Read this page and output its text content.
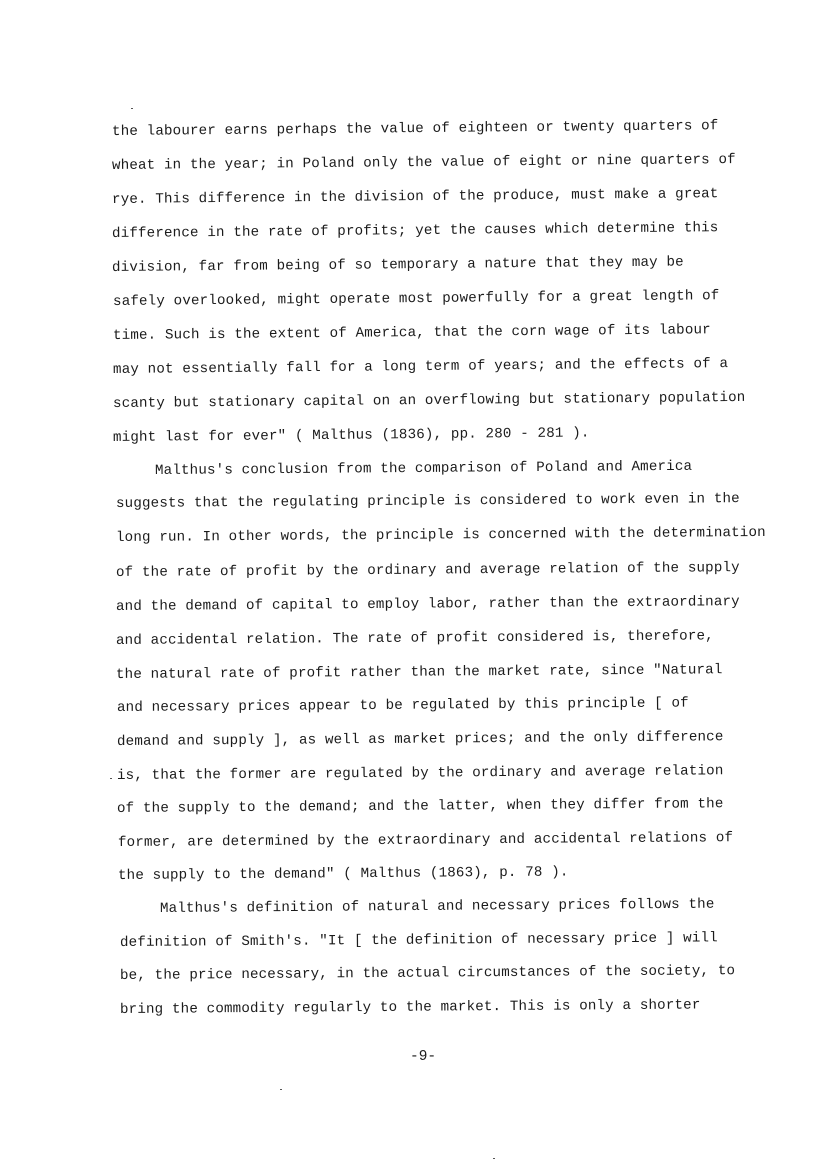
the labourer earns perhaps the value of eighteen or twenty quarters of
wheat in the year; in Poland only the value of eight or nine quarters of
rye. This difference in the division of the produce, must make a great
difference in the rate of profits; yet the causes which determine this
division, far from being of so temporary a nature that they may be
safely overlooked, might operate most powerfully for a great length of
time. Such is the extent of America, that the corn wage of its labour
may not essentially fall for a long term of years; and the effects of a
scanty but stationary capital on an overflowing but stationary population
might last for ever" ( Malthus (1836), pp. 280 - 281 ).
Malthus's conclusion from the comparison of Poland and America
suggests that the regulating principle is considered to work even in the
long run. In other words, the principle is concerned with the determination
of the rate of profit by the ordinary and average relation of the supply
and the demand of capital to employ labor, rather than the extraordinary
and accidental relation. The rate of profit considered is, therefore,
the natural rate of profit rather than the market rate, since "Natural
and necessary prices appear to be regulated by this principle [ of
demand and supply ], as well as market prices; and the only difference
is, that the former are regulated by the ordinary and average relation
of the supply to the demand; and the latter, when they differ from the
former, are determined by the extraordinary and accidental relations of
the supply to the demand" ( Malthus (1863), p. 78 ).
Malthus's definition of natural and necessary prices follows the
definition of Smith's. "It [ the definition of necessary price ] will
be, the price necessary, in the actual circumstances of the society, to
bring the commodity regularly to the market. This is only a shorter
-9-
